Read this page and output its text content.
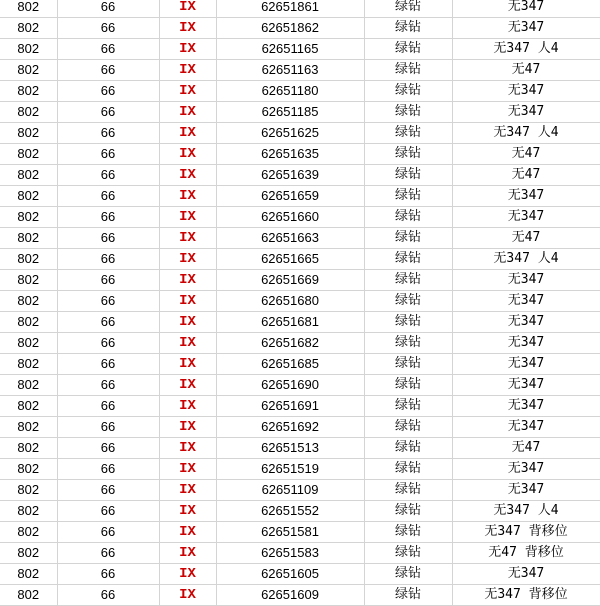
802	66	IX	62651861	绿钻	无347
802	66	IX	62651862	绿钻	无347
802	66	IX	62651165	绿钻	无347 人4
802	66	IX	62651163	绿钻	无47
802	66	IX	62651180	绿钻	无347
802	66	IX	62651185	绿钻	无347
802	66	IX	62651625	绿钻	无347 人4
802	66	IX	62651635	绿钻	无47
802	66	IX	62651639	绿钻	无47
802	66	IX	62651659	绿钻	无347
802	66	IX	62651660	绿钻	无347
802	66	IX	62651663	绿钻	无47
802	66	IX	62651665	绿钻	无347 人4
802	66	IX	62651669	绿钻	无347
802	66	IX	62651680	绿钻	无347
802	66	IX	62651681	绿钻	无347
802	66	IX	62651682	绿钻	无347
802	66	IX	62651685	绿钻	无347
802	66	IX	62651690	绿钻	无347
802	66	IX	62651691	绿钻	无347
802	66	IX	62651692	绿钻	无347
802	66	IX	62651513	绿钻	无47
802	66	IX	62651519	绿钻	无347
802	66	IX	62651109	绿钻	无347
802	66	IX	62651552	绿钻	无347 人4
802	66	IX	62651581	绿钻	无347 背移位
802	66	IX	62651583	绿钻	无47 背移位
802	66	IX	62651605	绿钻	无347
802	66	IX	62651609	绿钻	无347 背移位
